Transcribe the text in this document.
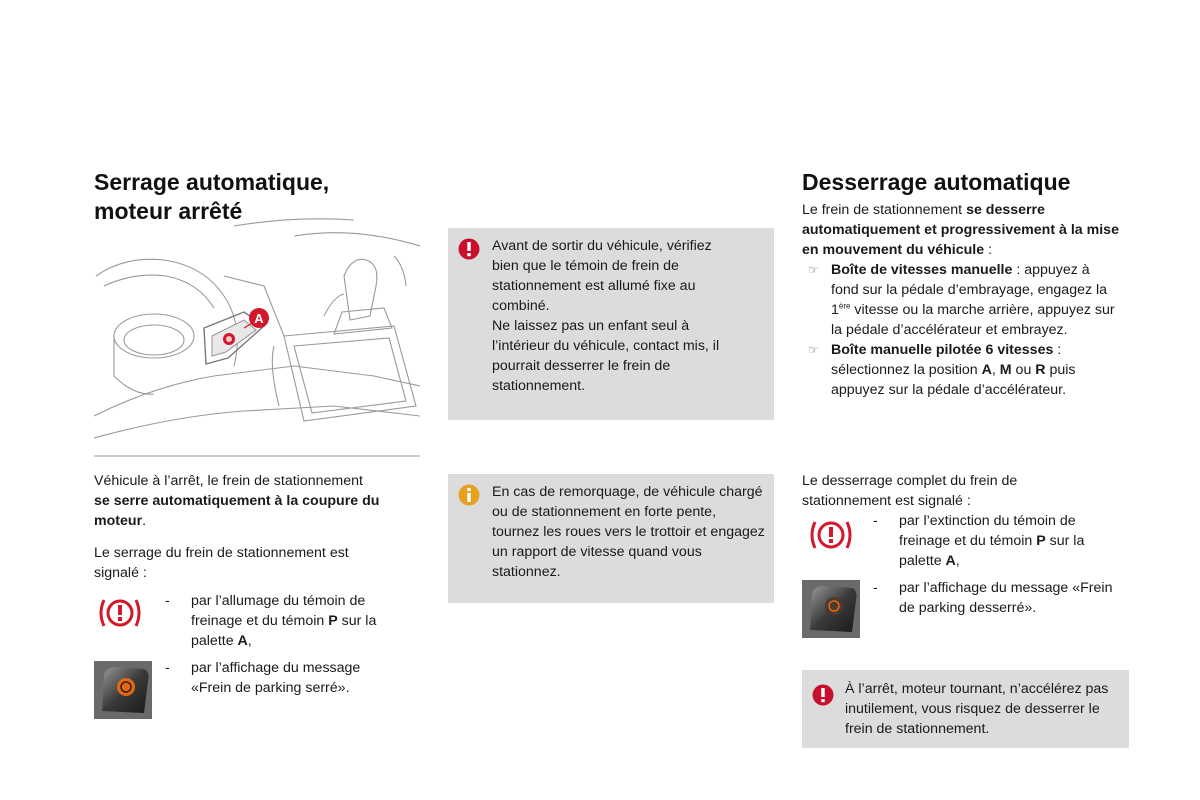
Serrage automatique,
moteur arrêté
A
Véhicule à l’arrêt, le frein de stationnement
se serre automatiquement à la coupure du moteur.
Le serrage du frein de stationnement est signalé :
- par l’allumage du témoin de freinage et du témoin P sur la palette A,
- par l’affichage du message «Frein de parking serré».
Avant de sortir du véhicule, vérifiez bien que le témoin de frein de stationnement est allumé fixe au combiné.
Ne laissez pas un enfant seul à l’intérieur du véhicule, contact mis, il pourrait desserrer le frein de stationnement.
En cas de remorquage, de véhicule chargé ou de stationnement en forte pente, tournez les roues vers le trottoir et engagez un rapport de vitesse quand vous stationnez.
Desserrage automatique
Le frein de stationnement se desserre automatiquement et progressivement à la mise en mouvement du véhicule :
☞ Boîte de vitesses manuelle : appuyez à fond sur la pédale d’embrayage, engagez la 1ère vitesse ou la marche arrière, appuyez sur la pédale d’accélérateur et embrayez.
☞ Boîte manuelle pilotée 6 vitesses : sélectionnez la position A, M ou R puis appuyez sur la pédale d’accélérateur.
Le desserrage complet du frein de stationnement est signalé :
- par l’extinction du témoin de freinage et du témoin P sur la palette A,
- par l’affichage du message «Frein de parking desserré».
À l’arrêt, moteur tournant, n’accélérez pas inutilement, vous risquez de desserrer le frein de stationnement.
